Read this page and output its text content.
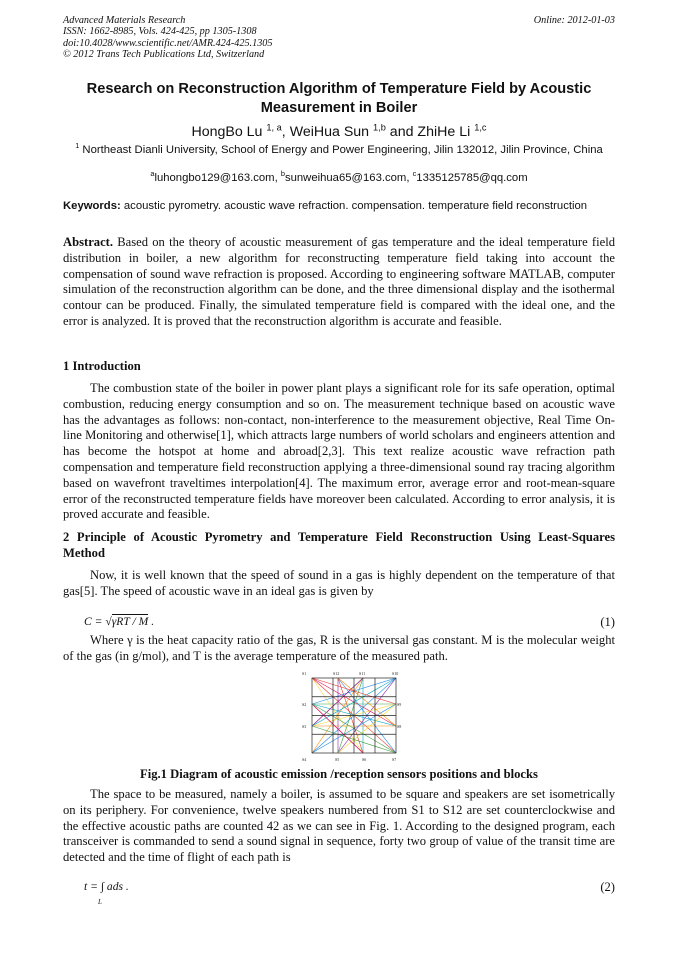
Advanced Materials Research
ISSN: 1662-8985, Vols. 424-425, pp 1305-1308
doi:10.4028/www.scientific.net/AMR.424-425.1305
© 2012 Trans Tech Publications Ltd, Switzerland
Online: 2012-01-03
Research on Reconstruction Algorithm of Temperature Field by Acoustic Measurement in Boiler
HongBo Lu $^{1, a}$, WeiHua Sun $^{1,b}$ and ZhiHe Li $^{1,c}$
$^1$ Northeast Dianli University, School of Energy and Power Engineering, Jilin 132012, Jilin Province, China
$^a$luhongbo129@163.com, $^b$sunweihua65@163.com, $^c$1335125785@qq.com
Keywords: acoustic pyrometry. acoustic wave refraction. compensation. temperature field reconstruction
Abstract. Based on the theory of acoustic measurement of gas temperature and the ideal temperature field distribution in boiler, a new algorithm for reconstructing temperature field taking into account the compensation of sound wave refraction is proposed. According to engineering software MATLAB, computer simulation of the reconstruction algorithm can be done, and the three dimensional display and the isothermal contour can be produced. Finally, the simulated temperature field is compared with the ideal one, and the error is analyzed. It is proved that the reconstruction algorithm is accurate and feasible.
1 Introduction
The combustion state of the boiler in power plant plays a significant role for its safe operation, optimal combustion, reducing energy consumption and so on. The measurement technique based on acoustic wave has the advantages as follows: non-contact, non-interference to the measurement objective, Real Time On-line Monitoring and otherwise[1], which attracts large numbers of world scholars and engineers attention and has become the hotspot at home and abroad[2,3]. This text realize acoustic wave refraction path compensation and temperature field reconstruction applying a three-dimensional sound ray tracing algorithm based on wavefront traveltimes interpolation[4]. The maximum error, average error and root-mean-square error of the reconstructed temperature fields have moreover been calculated. According to error analysis, it is proved accurate and feasible.
2 Principle of Acoustic Pyrometry and Temperature Field Reconstruction Using Least-Squares Method
Now, it is well known that the speed of sound in a gas is highly dependent on the temperature of that gas[5]. The speed of acoustic wave in an ideal gas is given by
C = √γRT / M .	(1)
Where γ is the heat capacity ratio of the gas, R is the universal gas constant. M is the molecular weight of the gas (in g/mol), and T is the average temperature of the measured path.
S1	S12	S11	S10
S2
S3
S9
S8
S4	S5	S6	S7
Fig.1 Diagram of acoustic emission /reception sensors positions and blocks
The space to be measured, namely a boiler, is assumed to be square and speakers are set isometrically on its periphery. For convenience, twelve speakers numbered from S1 to S12 are set counterclockwise and the effective acoustic paths are counted 42 as we can see in Fig. 1. According to the designed program, each transceiver is commanded to send a sound signal in sequence, forty two group of value of the transit time are detected and the time of flight of each path is
t = ∫ ads .
L
(2)
